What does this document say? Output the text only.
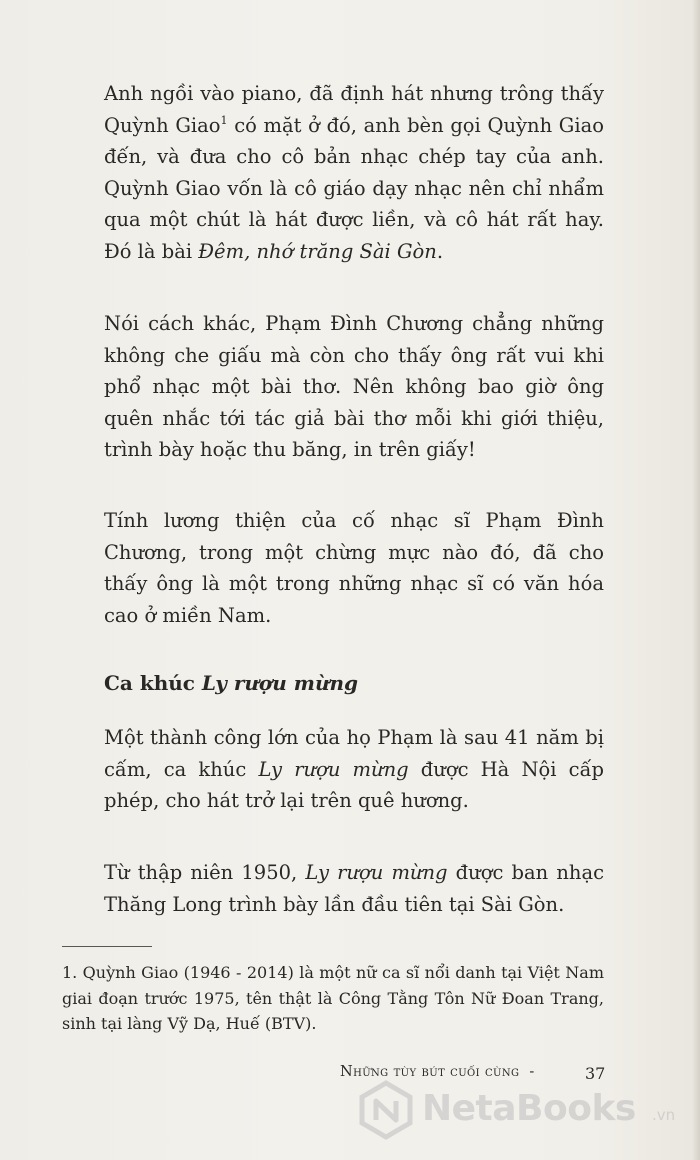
Anh ngồi vào piano, đã định hát nhưng trông thấy Quỳnh Giao$^1$ có mặt ở đó, anh bèn gọi Quỳnh Giao đến, và đưa cho cô bản nhạc chép tay của anh. Quỳnh Giao vốn là cô giáo dạy nhạc nên chỉ nhẩm qua một chút là hát được liền, và cô hát rất hay. Đó là bài Đêm, nhớ trăng Sài Gòn.

Nói cách khác, Phạm Đình Chương chẳng những không che giấu mà còn cho thấy ông rất vui khi phổ nhạc một bài thơ. Nên không bao giờ ông quên nhắc tới tác giả bài thơ mỗi khi giới thiệu, trình bày hoặc thu băng, in trên giấy!

Tính lương thiện của cố nhạc sĩ Phạm Đình Chương, trong một chừng mực nào đó, đã cho thấy ông là một trong những nhạc sĩ có văn hóa cao ở miền Nam.

Ca khúc Ly rượu mừng

Một thành công lớn của họ Phạm là sau 41 năm bị cấm, ca khúc Ly rượu mừng được Hà Nội cấp phép, cho hát trở lại trên quê hương.

Từ thập niên 1950, Ly rượu mừng được ban nhạc Thăng Long trình bày lần đầu tiên tại Sài Gòn.

1. Quỳnh Giao (1946 - 2014) là một nữ ca sĩ nổi danh tại Việt Nam giai đoạn trước 1975, tên thật là Công Tằng Tôn Nữ Đoan Trang, sinh tại làng Vỹ Dạ, Huế (BTV).

Những tùy bút cuối cùng -	37
NetaBooks .vn
